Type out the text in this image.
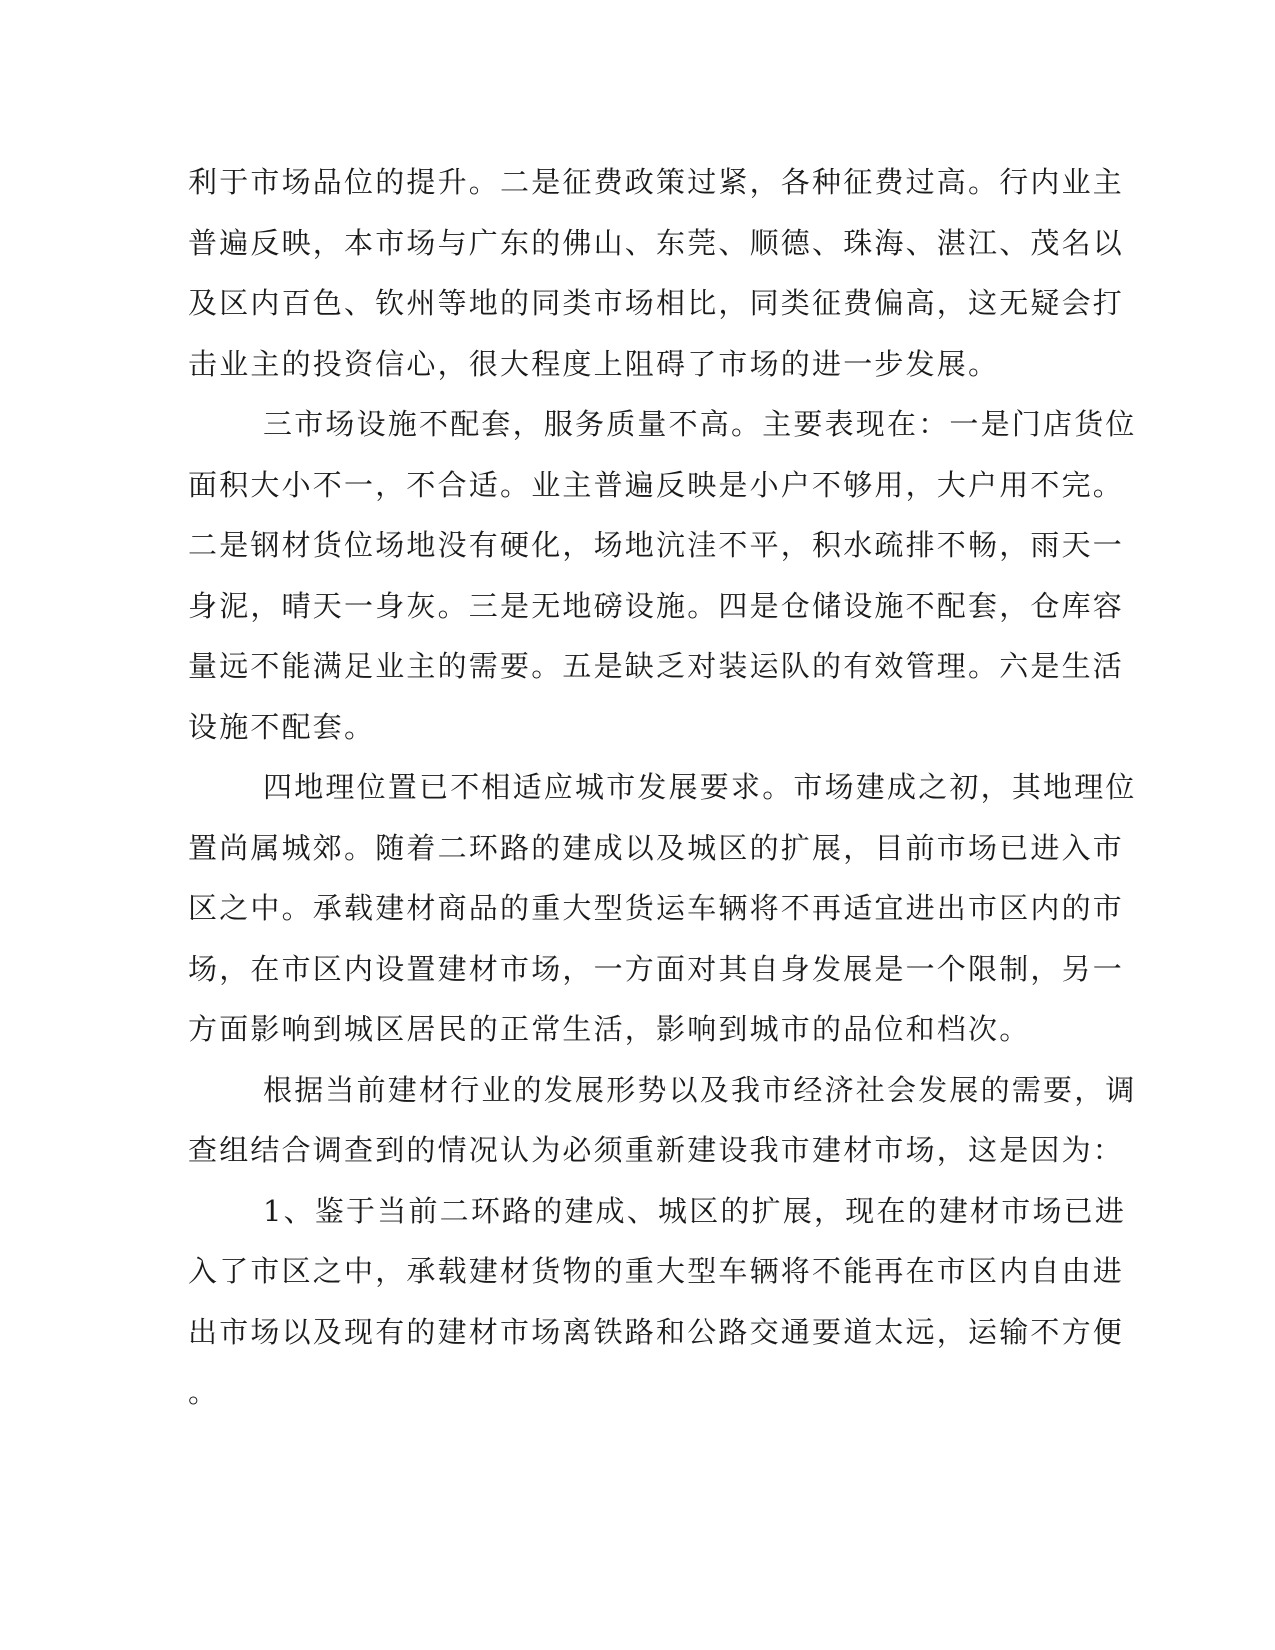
利于市场品位的提升。二是征费政策过紧，各种征费过高。行内业主
普遍反映，本市场与广东的佛山、东莞、顺德、珠海、湛江、茂名以
及区内百色、钦州等地的同类市场相比，同类征费偏高，这无疑会打
击业主的投资信心，很大程度上阻碍了市场的进一步发展。
三市场设施不配套，服务质量不高。主要表现在：一是门店货位
面积大小不一，不合适。业主普遍反映是小户不够用，大户用不完。
二是钢材货位场地没有硬化，场地沆洼不平，积水疏排不畅，雨天一
身泥，晴天一身灰。三是无地磅设施。四是仓储设施不配套，仓库容
量远不能满足业主的需要。五是缺乏对装运队的有效管理。六是生活
设施不配套。
四地理位置已不相适应城市发展要求。市场建成之初，其地理位
置尚属城郊。随着二环路的建成以及城区的扩展，目前市场已进入市
区之中。承载建材商品的重大型货运车辆将不再适宜进出市区内的市
场，在市区内设置建材市场，一方面对其自身发展是一个限制，另一
方面影响到城区居民的正常生活，影响到城市的品位和档次。
根据当前建材行业的发展形势以及我市经济社会发展的需要，调
查组结合调查到的情况认为必须重新建设我市建材市场，这是因为：
1、鉴于当前二环路的建成、城区的扩展，现在的建材市场已进
入了市区之中，承载建材货物的重大型车辆将不能再在市区内自由进
出市场以及现有的建材市场离铁路和公路交通要道太远，运输不方便
。
